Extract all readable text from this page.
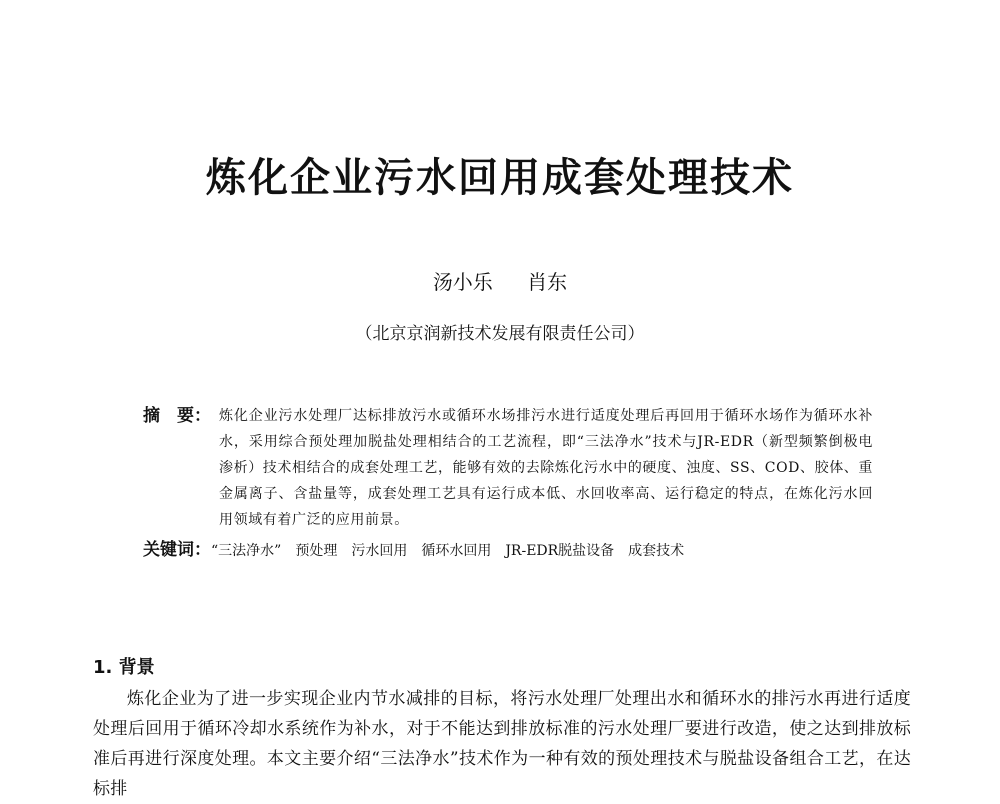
炼化企业污水回用成套处理技术
汤小乐 肖东
（北京京润新技术发展有限责任公司）
摘　要： 炼化企业污水处理厂达标排放污水或循环水场排污水进行适度处理后再回用于循环水场作为循环水补水，采用综合预处理加脱盐处理相结合的工艺流程，即“三法净水”技术与JR-EDR（新型频繁倒极电渗析）技术相结合的成套处理工艺，能够有效的去除炼化污水中的硬度、浊度、SS、COD、胶体、重金属离子、含盐量等，成套处理工艺具有运行成本低、水回收率高、运行稳定的特点，在炼化污水回用领域有着广泛的应用前景。
关键词：“三法净水”　预处理　污水回用　循环水回用　JR-EDR脱盐设备　成套技术
1. 背景
炼化企业为了进一步实现企业内节水减排的目标，将污水处理厂处理出水和循环水的排污水再进行适度处理后回用于循环冷却水系统作为补水，对于不能达到排放标准的污水处理厂要进行改造，使之达到排放标准后再进行深度处理。本文主要介绍“三法净水”技术作为一种有效的预处理技术与脱盐设备组合工艺，在达标排
